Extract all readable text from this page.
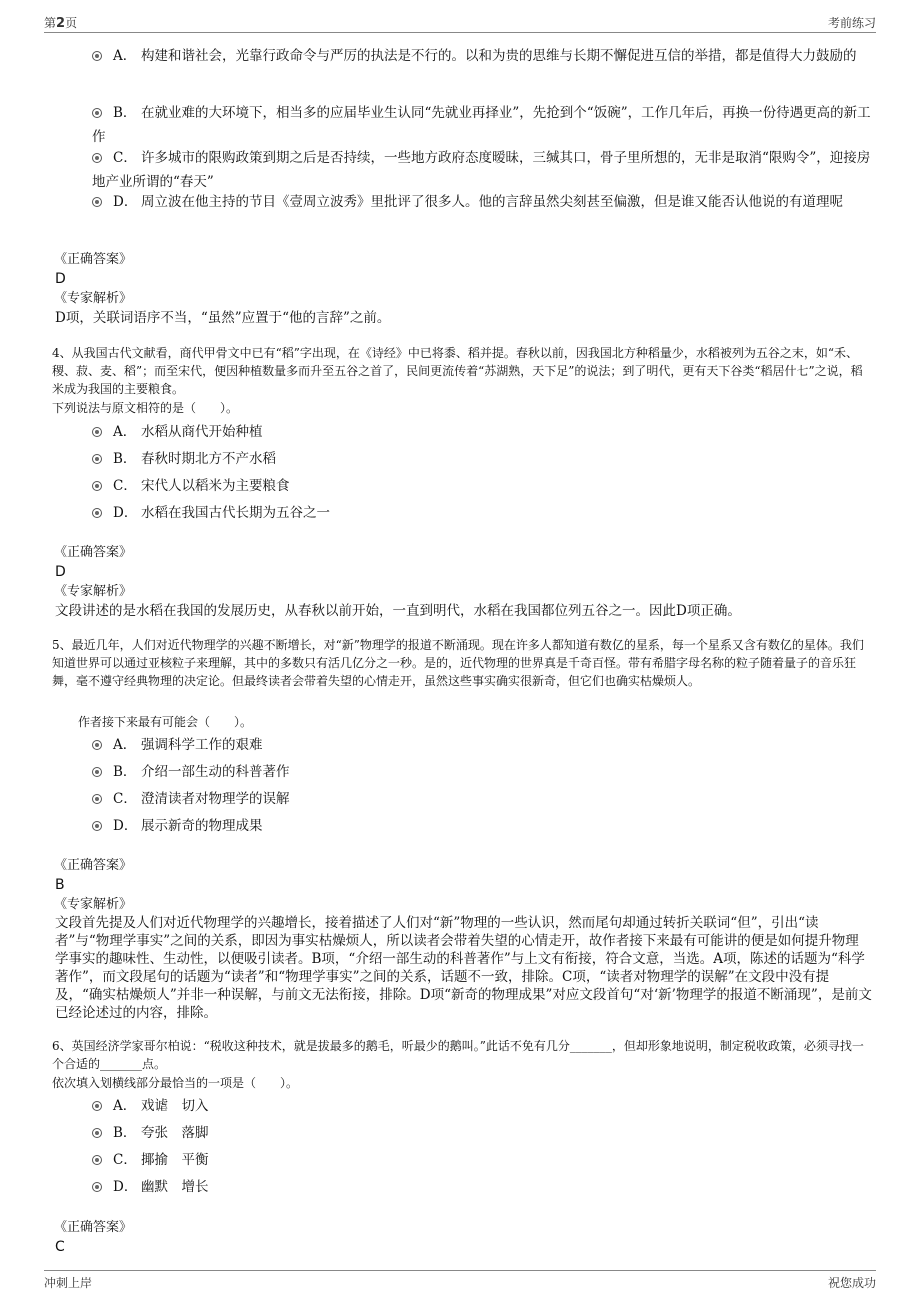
第2页	考前练习
A． 构建和谐社会，光靠行政命令与严厉的执法是不行的。以和为贵的思维与长期不懈促进互信的举措，都是值得大力鼓励的
B． 在就业难的大环境下，相当多的应届毕业生认同“先就业再择业”，先抢到个“饭碗”，工作几年后，再换一份待遇更高的新工作
C． 许多城市的限购政策到期之后是否持续，一些地方政府态度暧昧，三缄其口，骨子里所想的，无非是取消“限购令”，迎接房地产业所谓的“春天”
D． 周立波在他主持的节目《壹周立波秀》里批评了很多人。他的言辞虽然尖刻甚至偏激，但是谁又能否认他说的有道理呢
《正确答案》
D
《专家解析》
D项，关联词语序不当，“虽然”应置于“他的言辞”之前。
4、从我国古代文献看，商代甲骨文中已有“稻”字出现，在《诗经》中已将黍、稻并提。春秋以前，因我国北方种稻量少，水稻被列为五谷之末，如“禾、稷、菽、麦、稻”；而至宋代，便因种植数量多而升至五谷之首了，民间更流传着“苏湖熟，天下足”的说法；到了明代，更有天下谷类“稻居什七”之说，稻米成为我国的主要粮食。
下列说法与原文相符的是（　　）。
A． 水稻从商代开始种植
B． 春秋时期北方不产水稻
C． 宋代人以稻米为主要粮食
D． 水稻在我国古代长期为五谷之一
《正确答案》
D
《专家解析》
文段讲述的是水稻在我国的发展历史，从春秋以前开始，一直到明代，水稻在我国都位列五谷之一。因此D项正确。
5、最近几年，人们对近代物理学的兴趣不断增长，对“新”物理学的报道不断涌现。现在许多人都知道有数亿的星系，每一个星系又含有数亿的星体。我们知道世界可以通过亚核粒子来理解，其中的多数只有活几亿分之一秒。是的，近代物理的世界真是千奇百怪。带有希腊字母名称的粒子随着量子的音乐狂舞，毫不遵守经典物理的决定论。但最终读者会带着失望的心情走开，虽然这些事实确实很新奇，但它们也确实枯燥烦人。
作者接下来最有可能会（　　）。
A． 强调科学工作的艰难
B． 介绍一部生动的科普著作
C． 澄清读者对物理学的误解
D． 展示新奇的物理成果
《正确答案》
B
《专家解析》
文段首先提及人们对近代物理学的兴趣增长，接着描述了人们对“新”物理的一些认识，然而尾句却通过转折关联词“但”，引出“读者”与“物理学事实”之间的关系，即因为事实枯燥烦人，所以读者会带着失望的心情走开，故作者接下来最有可能讲的便是如何提升物理学事实的趣味性、生动性，以便吸引读者。B项，“介绍一部生动的科普著作”与上文有衔接，符合文意，当选。A项，陈述的话题为“科学著作”，而文段尾句的话题为“读者”和“物理学事实”之间的关系，话题不一致，排除。C项，“读者对物理学的误解”在文段中没有提及，“确实枯燥烦人”并非一种误解，与前文无法衔接，排除。D项“新奇的物理成果”对应文段首句“对‘新’物理学的报道不断涌现”，是前文已经论述过的内容，排除。
6、英国经济学家哥尔柏说：“税收这种技术，就是拔最多的鹅毛，听最少的鹅叫。”此话不免有几分_______，但却形象地说明，制定税收政策，必须寻找一个合适的_______点。
依次填入划横线部分最恰当的一项是（　　）。
A． 戏谑　切入
B． 夸张　落脚
C． 揶揄　平衡
D． 幽默　增长
《正确答案》
C
冲刺上岸	祝您成功
